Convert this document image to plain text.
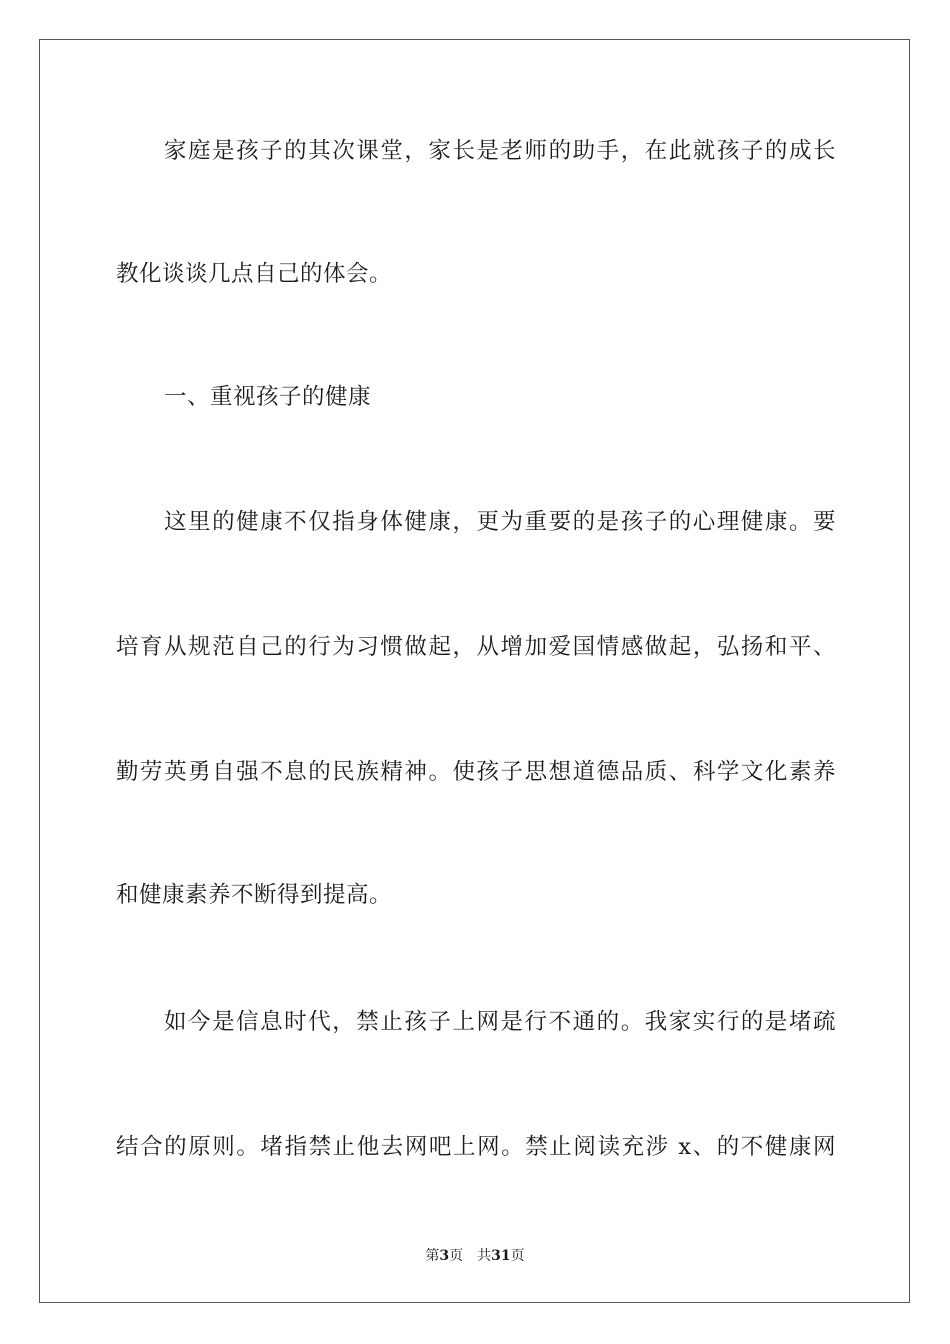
家庭是孩子的其次课堂，家长是老师的助手，在此就孩子的成长
教化谈谈几点自己的体会。
一、重视孩子的健康
这里的健康不仅指身体健康，更为重要的是孩子的心理健康。要
培育从规范自己的行为习惯做起，从增加爱国情感做起，弘扬和平、
勤劳英勇自强不息的民族精神。使孩子思想道德品质、科学文化素养
和健康素养不断得到提高。
如今是信息时代，禁止孩子上网是行不通的。我家实行的是堵疏
结合的原则。堵指禁止他去网吧上网。禁止阅读充涉 x、的不健康网
第3页 共31页
